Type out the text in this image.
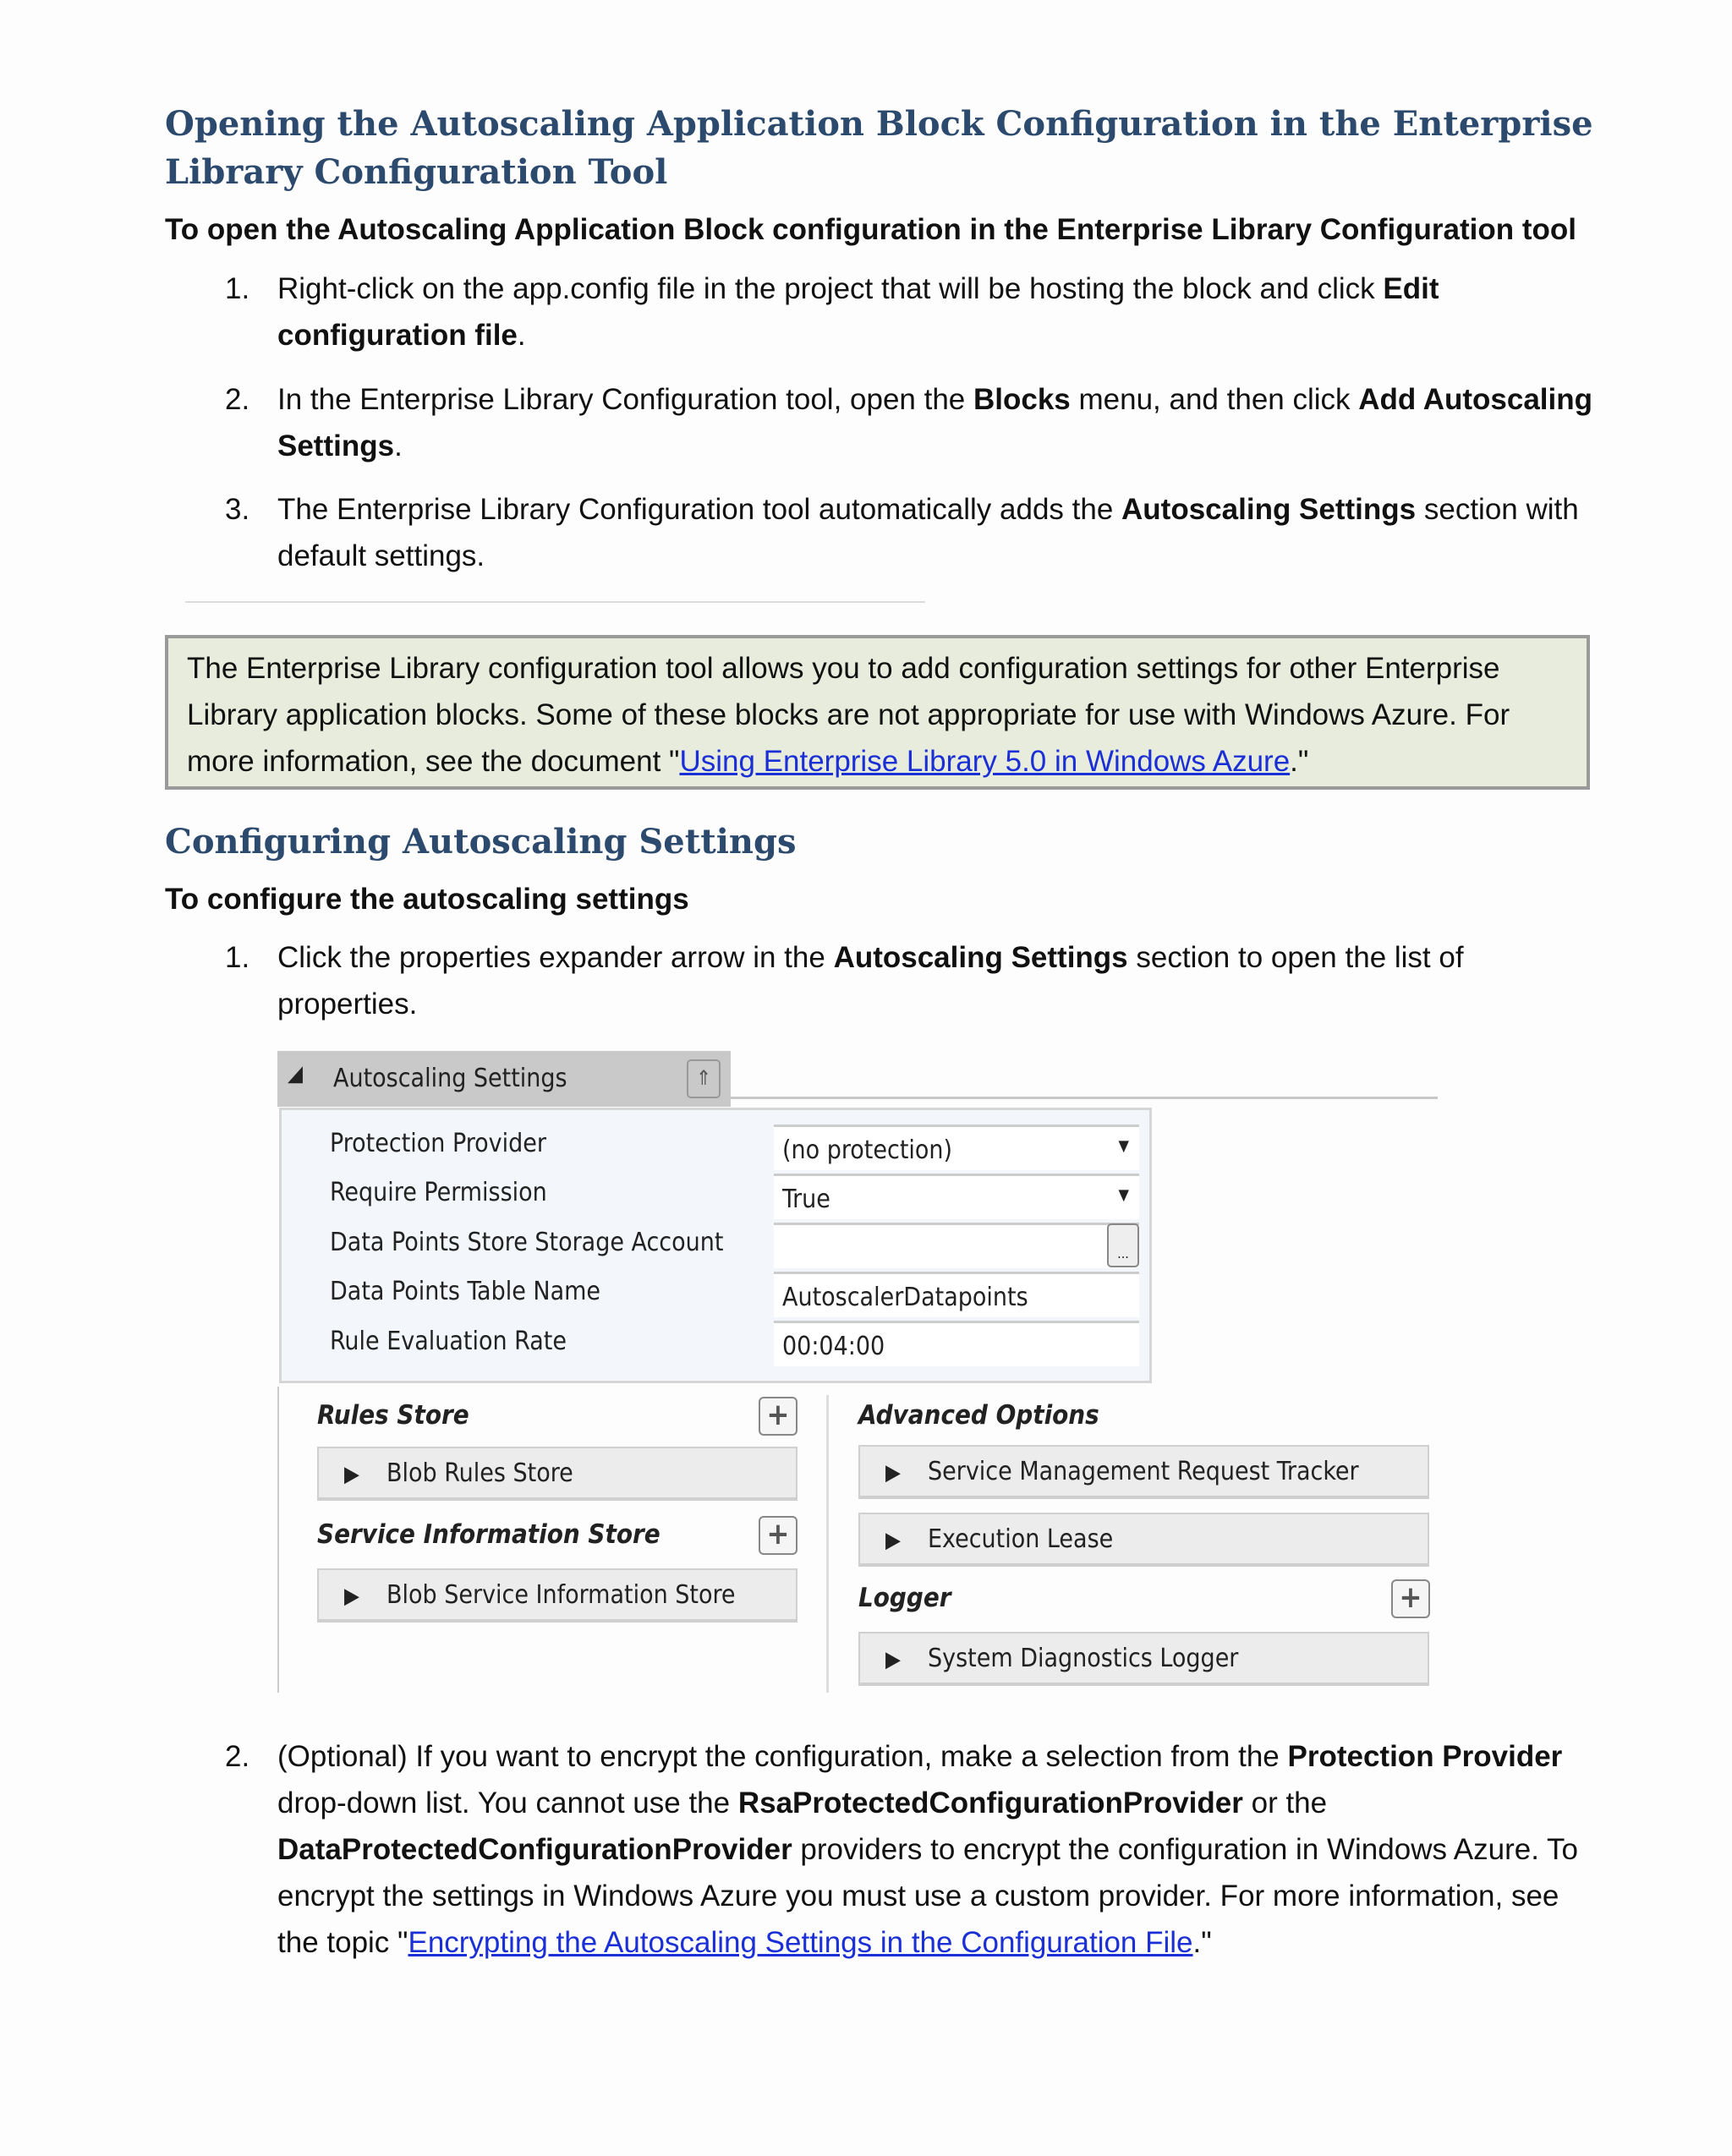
Opening the Autoscaling Application Block Configuration in the Enterprise Library Configuration Tool
To open the Autoscaling Application Block configuration in the Enterprise Library Configuration tool
1. Right-click on the app.config file in the project that will be hosting the block and click Edit configuration file.
2. In the Enterprise Library Configuration tool, open the Blocks menu, and then click Add Autoscaling Settings.
3. The Enterprise Library Configuration tool automatically adds the Autoscaling Settings section with default settings.
The Enterprise Library configuration tool allows you to add configuration settings for other Enterprise Library application blocks. Some of these blocks are not appropriate for use with Windows Azure. For more information, see the document "Using Enterprise Library 5.0 in Windows Azure."
Configuring Autoscaling Settings
To configure the autoscaling settings
1. Click the properties expander arrow in the Autoscaling Settings section to open the list of properties.
◢ Autoscaling Settings	⇑
Protection Provider	(no protection) ▼
Require Permission	True ▼
Data Points Store Storage Account	...
Data Points Table Name	AutoscalerDatapoints
Rule Evaluation Rate	00:04:00
Rules Store	+
▶ Blob Rules Store
Service Information Store	+
▶ Blob Service Information Store
Advanced Options
▶ Service Management Request Tracker
▶ Execution Lease
Logger	+
▶ System Diagnostics Logger
2. (Optional) If you want to encrypt the configuration, make a selection from the Protection Provider drop-down list. You cannot use the RsaProtectedConfigurationProvider or the DataProtectedConfigurationProvider providers to encrypt the configuration in Windows Azure. To encrypt the settings in Windows Azure you must use a custom provider. For more information, see the topic "Encrypting the Autoscaling Settings in the Configuration File."
